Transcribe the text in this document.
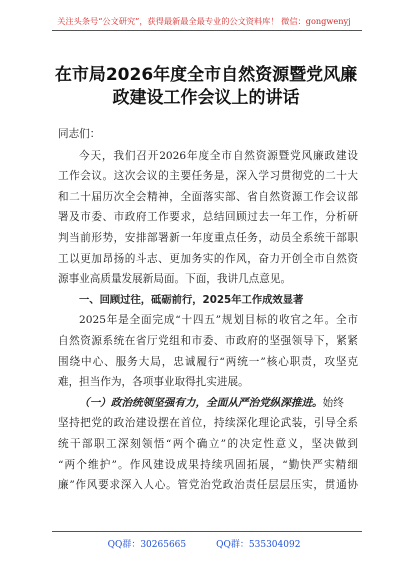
关注头条号“公文研究”，获得最新最全最专业的公文资料库！ 微信：gongwenyj
在市局2026年度全市自然资源暨党风廉
政建设工作会议上的讲话
同志们：
今天，我们召开2026年度全市自然资源暨党风廉政建设
工作会议。这次会议的主要任务是，深入学习贯彻党的二十大
和二十届历次全会精神，全面落实部、省自然资源工作会议部
署及市委、市政府工作要求，总结回顾过去一年工作，分析研
判当前形势，安排部署新一年度重点任务，动员全系统干部职
工以更加昂扬的斗志、更加务实的作风，奋力开创全市自然资
源事业高质量发展新局面。下面，我讲几点意见。
一、回顾过往，砥砺前行，2025年工作成效显著
2025年是全面完成“十四五”规划目标的收官之年。全市
自然资源系统在省厅党组和市委、市政府的坚强领导下，紧紧
围绕中心、服务大局，忠诚履行“两统一”核心职责，攻坚克
难，担当作为，各项事业取得扎实进展。
（一）政治统领坚强有力，全面从严治党纵深推进。始终
坚持把党的政治建设摆在首位，持续深化理论武装，引导全系
统干部职工深刻领悟“两个确立”的决定性意义，坚决做到
“两个维护”。作风建设成果持续巩固拓展，“勤快严实精细
廉”作风要求深入人心。管党治党政治责任层层压实，贯通协
QQ群：30265665	QQ群：535304092
